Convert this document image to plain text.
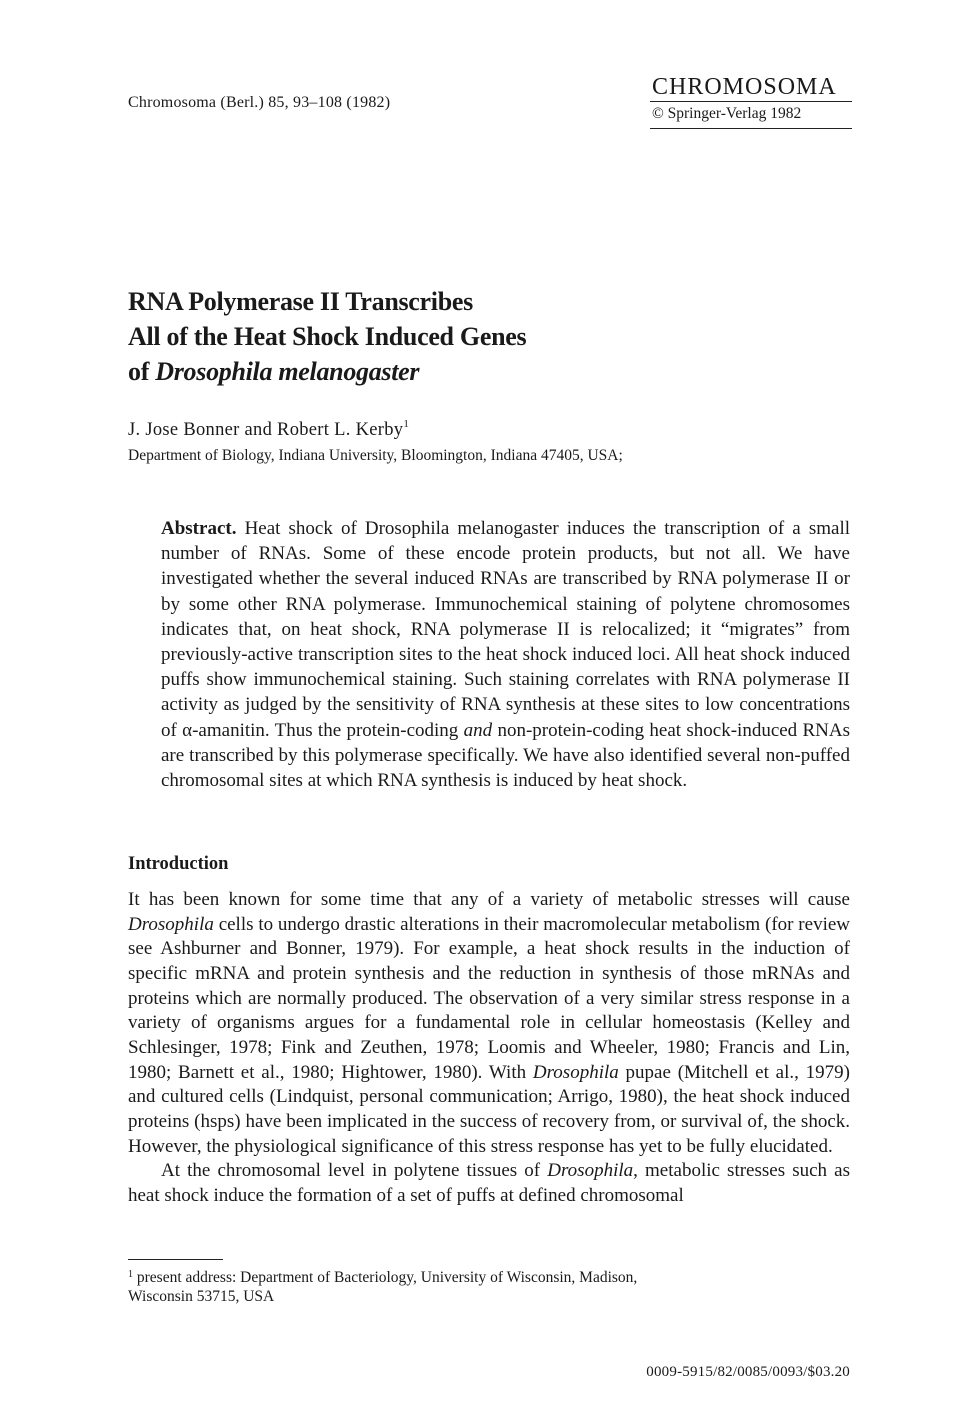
Chromosoma (Berl.) 85, 93–108 (1982)
CHROMOSOMA
© Springer-Verlag 1982
RNA Polymerase II Transcribes
All of the Heat Shock Induced Genes
of Drosophila melanogaster
J. Jose Bonner and Robert L. Kerby$^1$
Department of Biology, Indiana University, Bloomington, Indiana 47405, USA;
Abstract. Heat shock of Drosophila melanogaster induces the transcription of a small number of RNAs. Some of these encode protein products, but not all. We have investigated whether the several induced RNAs are transcribed by RNA polymerase II or by some other RNA polymerase. Immunochemical staining of polytene chromosomes indicates that, on heat shock, RNA polymerase II is relocalized; it “migrates” from previously-active transcription sites to the heat shock induced loci. All heat shock induced puffs show immunochemical staining. Such staining correlates with RNA polymerase II activity as judged by the sensitivity of RNA synthesis at these sites to low concentrations of α-amanitin. Thus the protein-coding and non-protein-coding heat shock-induced RNAs are transcribed by this polymerase specifically. We have also identified several non-puffed chromosomal sites at which RNA synthesis is induced by heat shock.
Introduction

It has been known for some time that any of a variety of metabolic stresses will cause Drosophila cells to undergo drastic alterations in their macromolecular metabolism (for review see Ashburner and Bonner, 1979). For example, a heat shock results in the induction of specific mRNA and protein synthesis and the reduction in synthesis of those mRNAs and proteins which are normally produced. The observation of a very similar stress response in a variety of organisms argues for a fundamental role in cellular homeostasis (Kelley and Schlesinger, 1978; Fink and Zeuthen, 1978; Loomis and Wheeler, 1980; Francis and Lin, 1980; Barnett et al., 1980; Hightower, 1980). With Drosophila pupae (Mitchell et al., 1979) and cultured cells (Lindquist, personal communication; Arrigo, 1980), the heat shock induced proteins (hsps) have been implicated in the success of recovery from, or survival of, the shock. However, the physiological significance of this stress response has yet to be fully elucidated.

At the chromosomal level in polytene tissues of Drosophila, metabolic stresses such as heat shock induce the formation of a set of puffs at defined chromosomal

$^1$ present address: Department of Bacteriology, University of Wisconsin, Madison,
Wisconsin 53715, USA
0009-5915/82/0085/0093/$03.20
